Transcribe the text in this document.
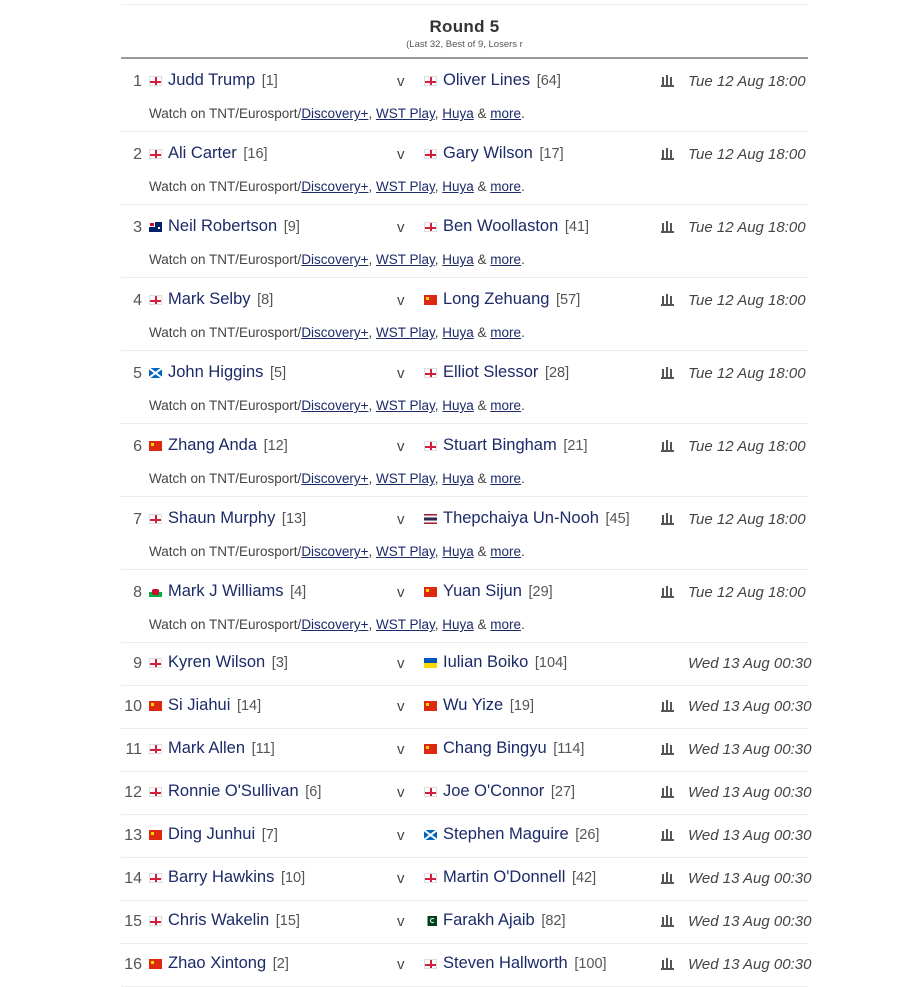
Round 5
(Last 32, Best of 9, Losers r
1	Judd Trump [1]	v	Oliver Lines [64]	Tue 12 Aug 18:00
Watch on TNT/Eurosport/Discovery+, WST Play, Huya & more.
2	Ali Carter [16]	v	Gary Wilson [17]	Tue 12 Aug 18:00
Watch on TNT/Eurosport/Discovery+, WST Play, Huya & more.
3	Neil Robertson [9]	v	Ben Woollaston [41]	Tue 12 Aug 18:00
Watch on TNT/Eurosport/Discovery+, WST Play, Huya & more.
4	Mark Selby [8]	v	Long Zehuang [57]	Tue 12 Aug 18:00
Watch on TNT/Eurosport/Discovery+, WST Play, Huya & more.
5	John Higgins [5]	v	Elliot Slessor [28]	Tue 12 Aug 18:00
Watch on TNT/Eurosport/Discovery+, WST Play, Huya & more.
6	Zhang Anda [12]	v	Stuart Bingham [21]	Tue 12 Aug 18:00
Watch on TNT/Eurosport/Discovery+, WST Play, Huya & more.
7	Shaun Murphy [13]	v	Thepchaiya Un-Nooh [45]	Tue 12 Aug 18:00
Watch on TNT/Eurosport/Discovery+, WST Play, Huya & more.
8	Mark J Williams [4]	v	Yuan Sijun [29]	Tue 12 Aug 18:00
Watch on TNT/Eurosport/Discovery+, WST Play, Huya & more.
9	Kyren Wilson [3]	v	Iulian Boiko [104]	Wed 13 Aug 00:30
10	Si Jiahui [14]	v	Wu Yize [19]	Wed 13 Aug 00:30
11	Mark Allen [11]	v	Chang Bingyu [114]	Wed 13 Aug 00:30
12	Ronnie O'Sullivan [6]	v	Joe O'Connor [27]	Wed 13 Aug 00:30
13	Ding Junhui [7]	v	Stephen Maguire [26]	Wed 13 Aug 00:30
14	Barry Hawkins [10]	v	Martin O'Donnell [42]	Wed 13 Aug 00:30
15	Chris Wakelin [15]	v	Farakh Ajaib [82]	Wed 13 Aug 00:30
16	Zhao Xintong [2]	v	Steven Hallworth [100]	Wed 13 Aug 00:30
